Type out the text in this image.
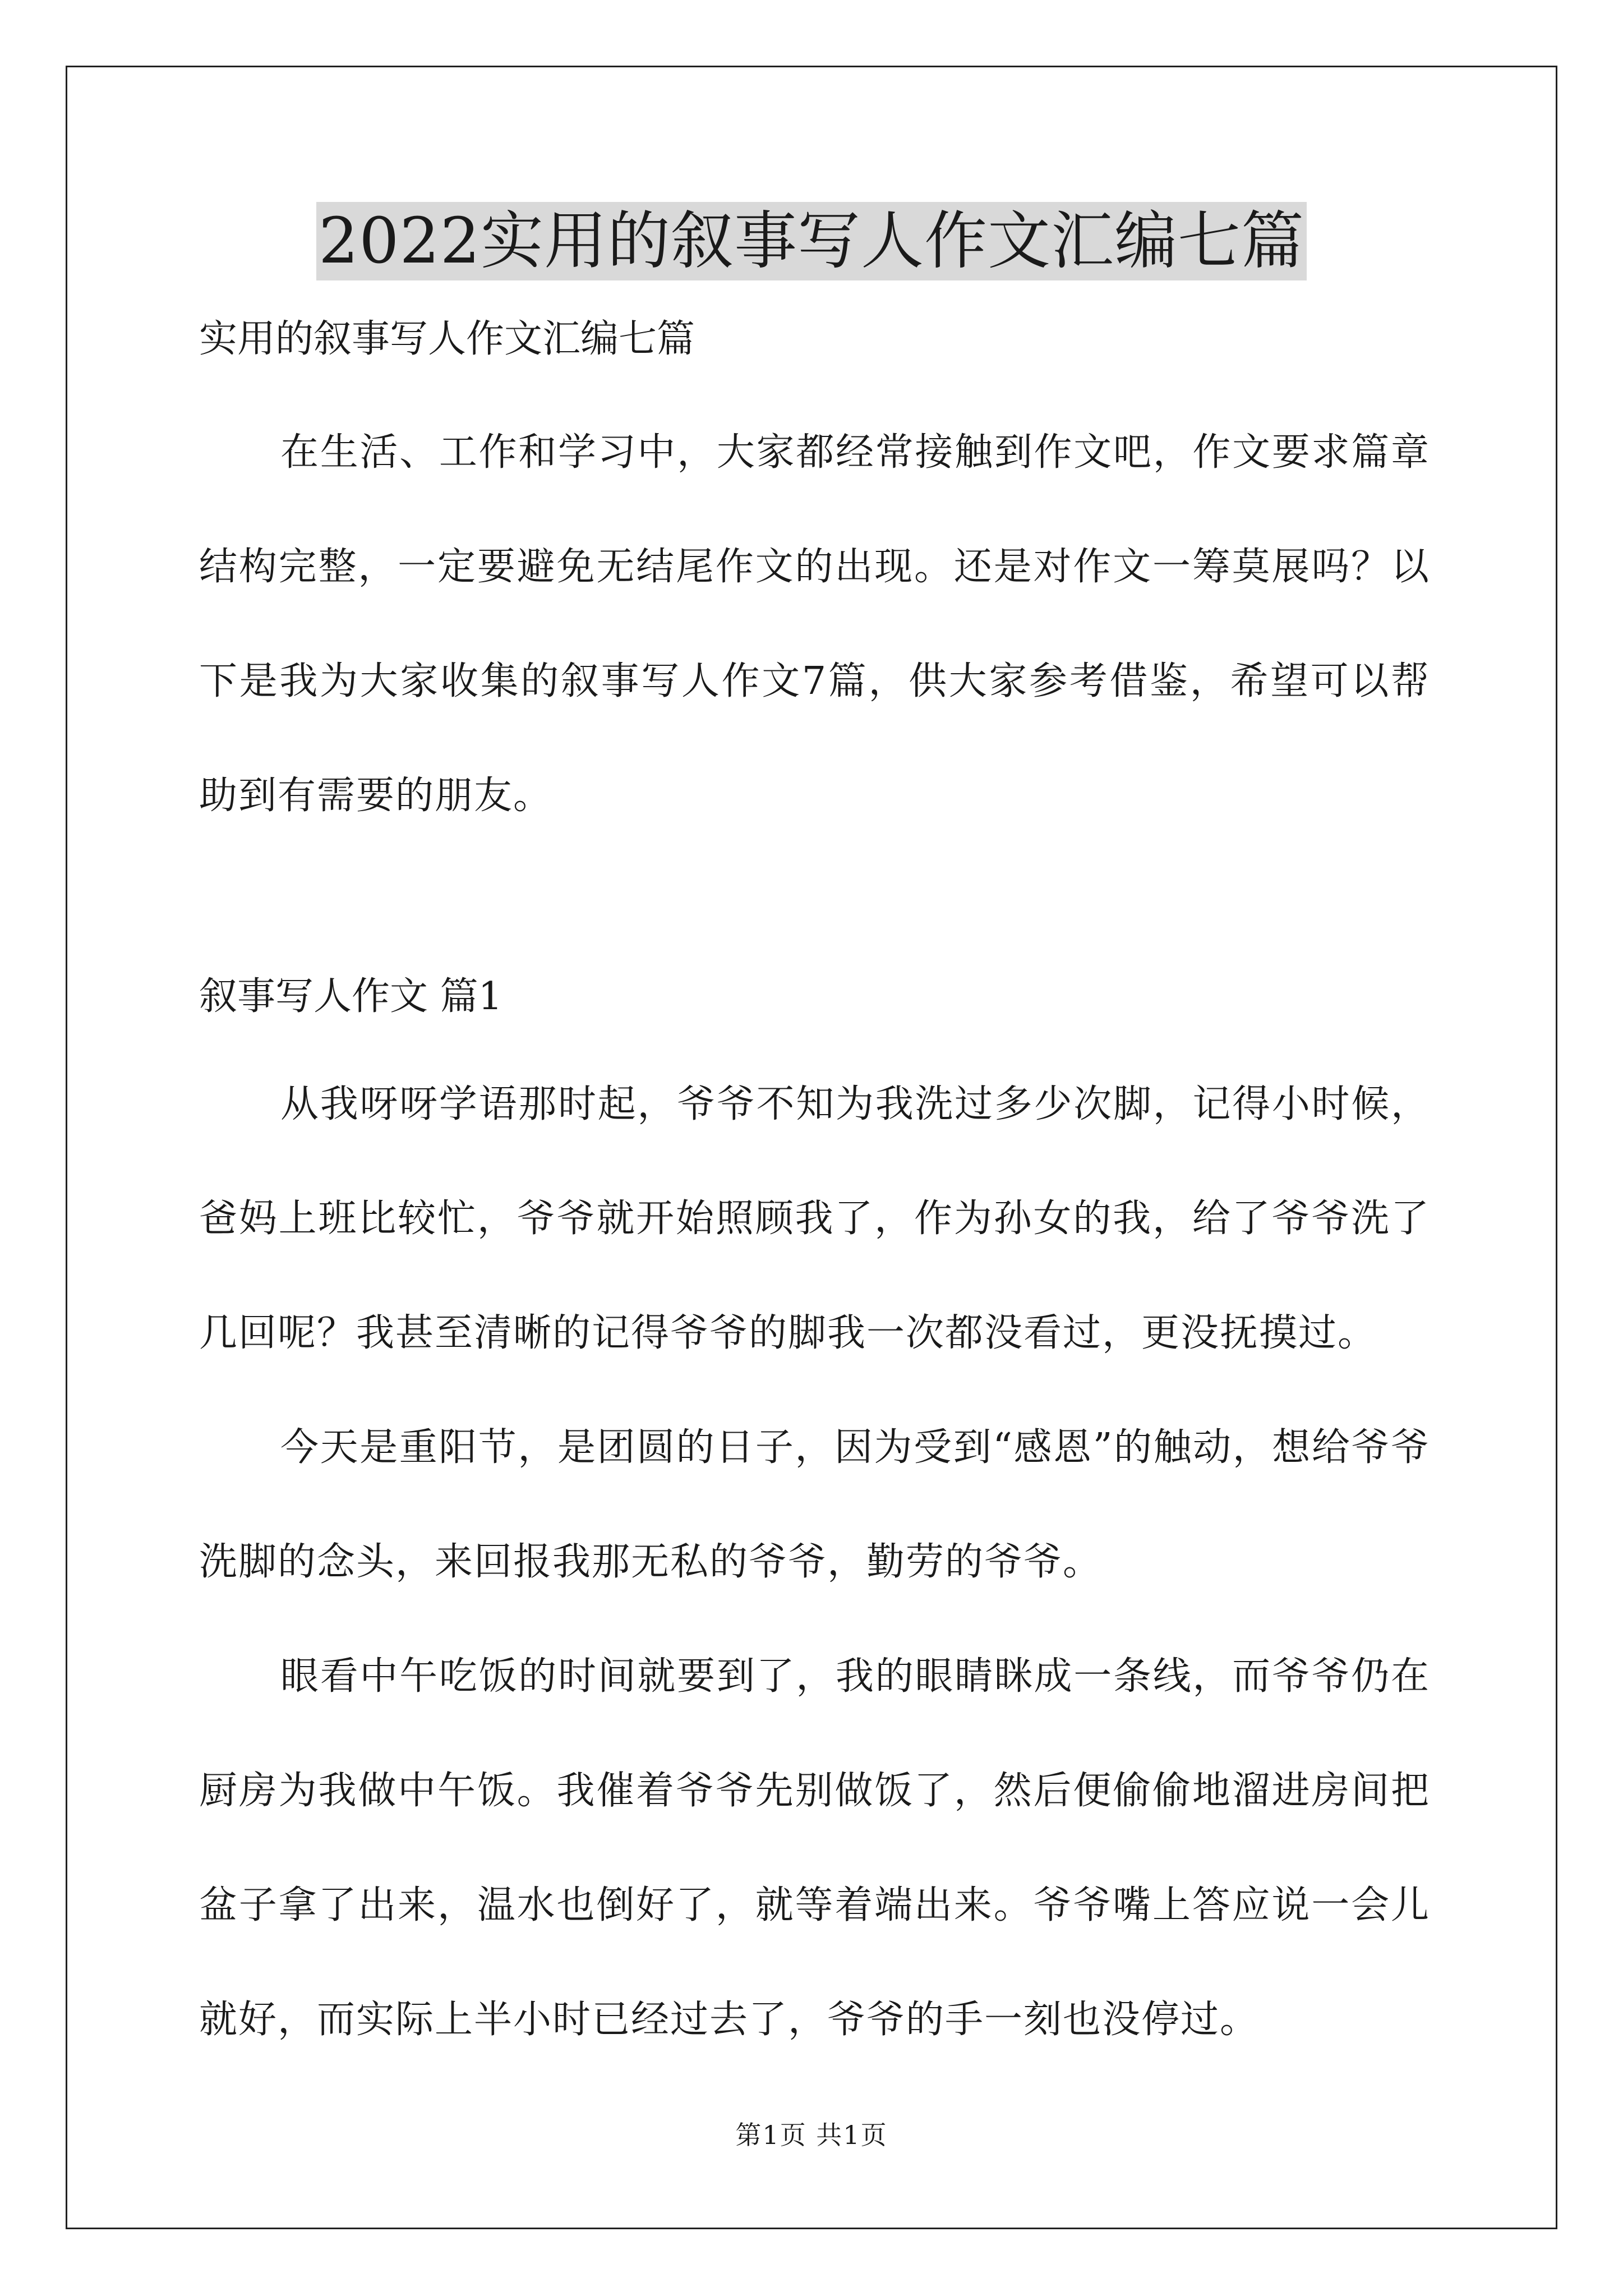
2022实用的叙事写人作文汇编七篇

实用的叙事写人作文汇编七篇

在生活、工作和学习中，大家都经常接触到作文吧，作文要求篇章结构完整，一定要避免无结尾作文的出现。还是对作文一筹莫展吗？以下是我为大家收集的叙事写人作文7篇，供大家参考借鉴，希望可以帮助到有需要的朋友。

叙事写人作文 篇1

从我呀呀学语那时起，爷爷不知为我洗过多少次脚，记得小时候，爸妈上班比较忙，爷爷就开始照顾我了，作为孙女的我，给了爷爷洗了几回呢？我甚至清晰的记得爷爷的脚我一次都没看过，更没抚摸过。

今天是重阳节，是团圆的日子，因为受到“感恩”的触动，想给爷爷洗脚的念头，来回报我那无私的爷爷，勤劳的爷爷。

眼看中午吃饭的时间就要到了，我的眼睛眯成一条线，而爷爷仍在厨房为我做中午饭。我催着爷爷先别做饭了，然后便偷偷地溜进房间把盆子拿了出来，温水也倒好了，就等着端出来。爷爷嘴上答应说一会儿就好，而实际上半小时已经过去了，爷爷的手一刻也没停过。

第1页 共1页
